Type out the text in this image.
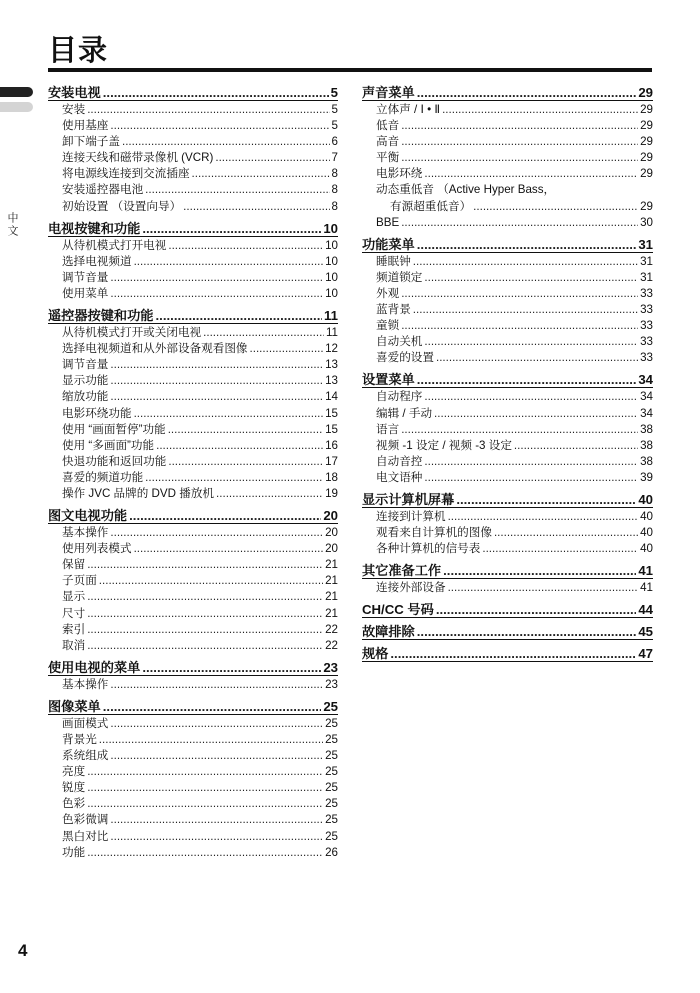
目录
中文
安装电视 .....	5
安装 .....	5
使用基座 .....	5
卸下端子盖 .....	6
连接天线和磁带录像机 (VCR) .....	7
将电源线连接到交流插座 .....	8
安装遥控器电池 .....	8
初始设置 （设置向导） .....	8
电视按键和功能 .....	10
从待机模式打开电视 .....	10
选择电视频道 .....	10
调节音量 .....	10
使用菜单 .....	10
遥控器按键和功能 .....	11
从待机模式打开或关闭电视 .....	11
选择电视频道和从外部设备观看图像 .....	12
调节音量 .....	13
显示功能 .....	13
缩放功能 .....	14
电影环绕功能 .....	15
使用 “画面暂停”功能 .....	15
使用 “多画面”功能 .....	16
快退功能和返回功能 .....	17
喜爱的频道功能 .....	18
操作 JVC 品牌的 DVD 播放机 .....	19
图文电视功能 .....	20
基本操作 .....	20
使用列表模式 .....	20
保留 .....	21
子页面 .....	21
显示 .....	21
尺寸 .....	21
索引 .....	22
取消 .....	22
使用电视的菜单 .....	23
基本操作 .....	23
图像菜单 .....	25
画面模式 .....	25
背景光 .....	25
系统组成 .....	25
亮度 .....	25
锐度 .....	25
色彩 .....	25
色彩微调 .....	25
黑白对比 .....	25
功能 .....	26
声音菜单 .....	29
立体声 / Ⅰ • Ⅱ .....	29
低音 .....	29
高音 .....	29
平衡 .....	29
电影环绕 .....	29
动态重低音 （Active Hyper Bass，
有源超重低音） .....	29
BBE .....	30
功能菜单 .....	31
睡眠钟 .....	31
频道锁定 .....	31
外观 .....	33
蓝背景 .....	33
童锁 .....	33
自动关机 .....	33
喜爱的设置 .....	33
设置菜单 .....	34
自动程序 .....	34
编辑 / 手动 .....	34
语言 .....	38
视频 -1 设定 / 视频 -3 设定 .....	38
自动音控 .....	38
电文语种 .....	39
显示计算机屏幕 .....	40
连接到计算机 .....	40
观看来自计算机的图像 .....	40
各种计算机的信号表 .....	40
其它准备工作 .....	41
连接外部设备 .....	41
CH/CC 号码 .....	44
故障排除 .....	45
规格 .....	47
4
